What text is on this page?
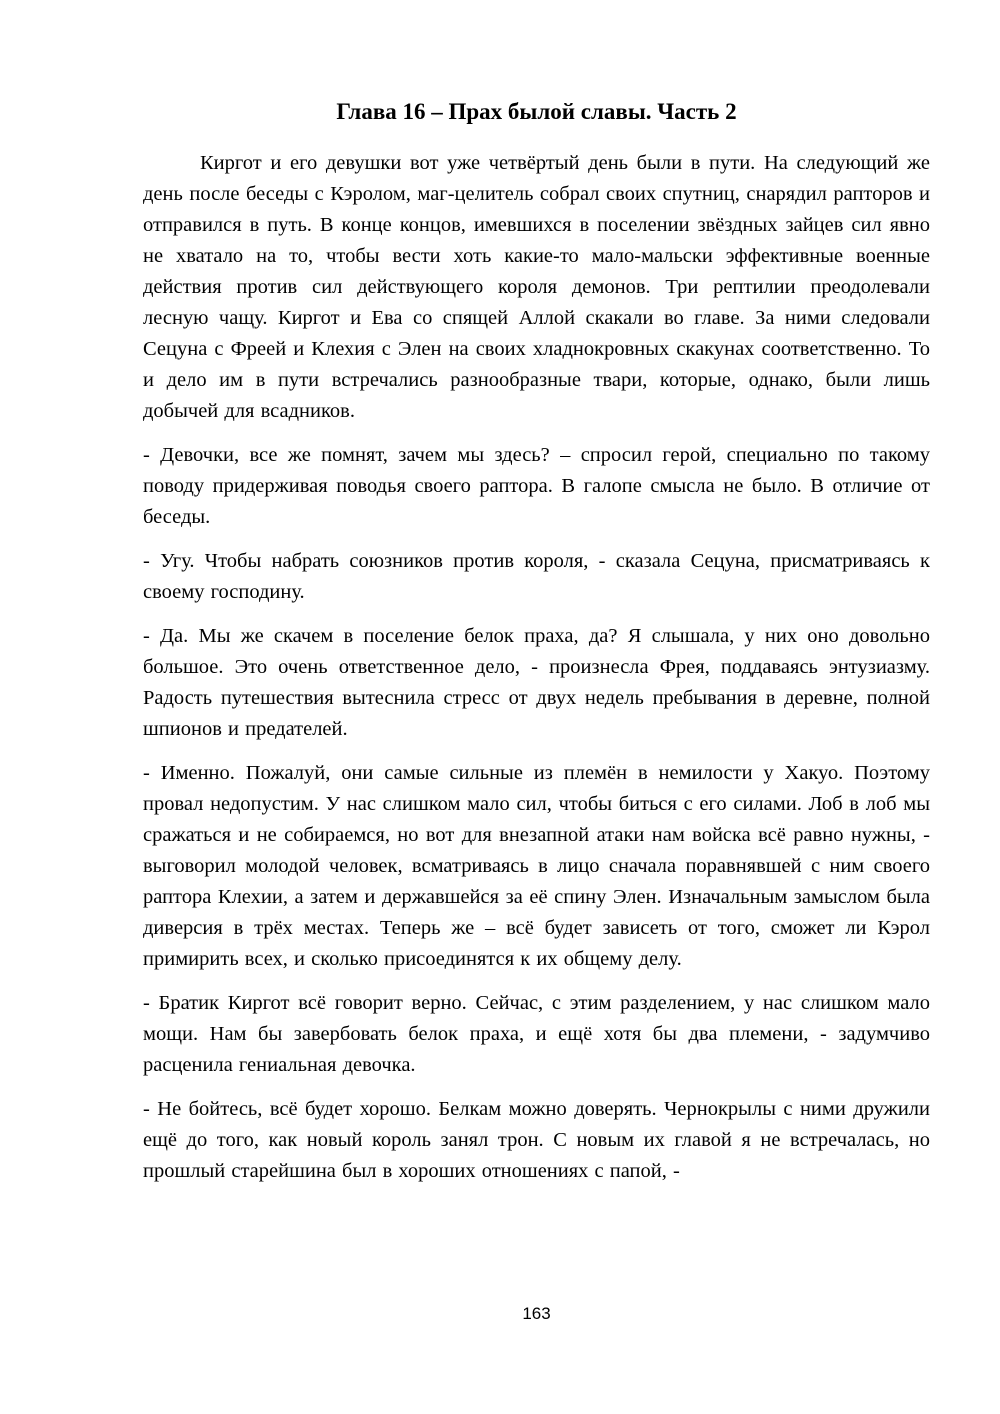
Глава 16 – Прах былой славы. Часть 2

Киргот и его девушки вот уже четвёртый день были в пути. На следующий же день после беседы с Кэролом, маг-целитель собрал своих спутниц, снарядил рапторов и отправился в путь. В конце концов, имевшихся в поселении звёздных зайцев сил явно не хватало на то, чтобы вести хоть какие-то мало-мальски эффективные военные действия против сил действующего короля демонов. Три рептилии преодолевали лесную чащу. Киргот и Ева со спящей Аллой скакали во главе. За ними следовали Сецуна с Фреей и Клехия с Элен на своих хладнокровных скакунах соответственно. То и дело им в пути встречались разнообразные твари, которые, однако, были лишь добычей для всадников.

- Девочки, все же помнят, зачем мы здесь? – спросил герой, специально по такому поводу придерживая поводья своего раптора. В галопе смысла не было. В отличие от беседы.

- Угу. Чтобы набрать союзников против короля, - сказала Сецуна, присматриваясь к своему господину.

- Да. Мы же скачем в поселение белок праха, да? Я слышала, у них оно довольно большое. Это очень ответственное дело, - произнесла Фрея, поддаваясь энтузиазму. Радость путешествия вытеснила стресс от двух недель пребывания в деревне, полной шпионов и предателей.

- Именно. Пожалуй, они самые сильные из племён в немилости у Хакуо. Поэтому провал недопустим. У нас слишком мало сил, чтобы биться с его силами. Лоб в лоб мы сражаться и не собираемся, но вот для внезапной атаки нам войска всё равно нужны, - выговорил молодой человек, всматриваясь в лицо сначала поравнявшей с ним своего раптора Клехии, а затем и державшейся за её спину Элен. Изначальным замыслом была диверсия в трёх местах. Теперь же – всё будет зависеть от того, сможет ли Кэрол примирить всех, и сколько присоединятся к их общему делу.

- Братик Киргот всё говорит верно. Сейчас, с этим разделением, у нас слишком мало мощи. Нам бы завербовать белок праха, и ещё хотя бы два племени, - задумчиво расценила гениальная девочка.

- Не бойтесь, всё будет хорошо. Белкам можно доверять. Чернокрылы с ними дружили ещё до того, как новый король занял трон. С новым их главой я не встречалась, но прошлый старейшина был в хороших отношениях с папой, -

163
